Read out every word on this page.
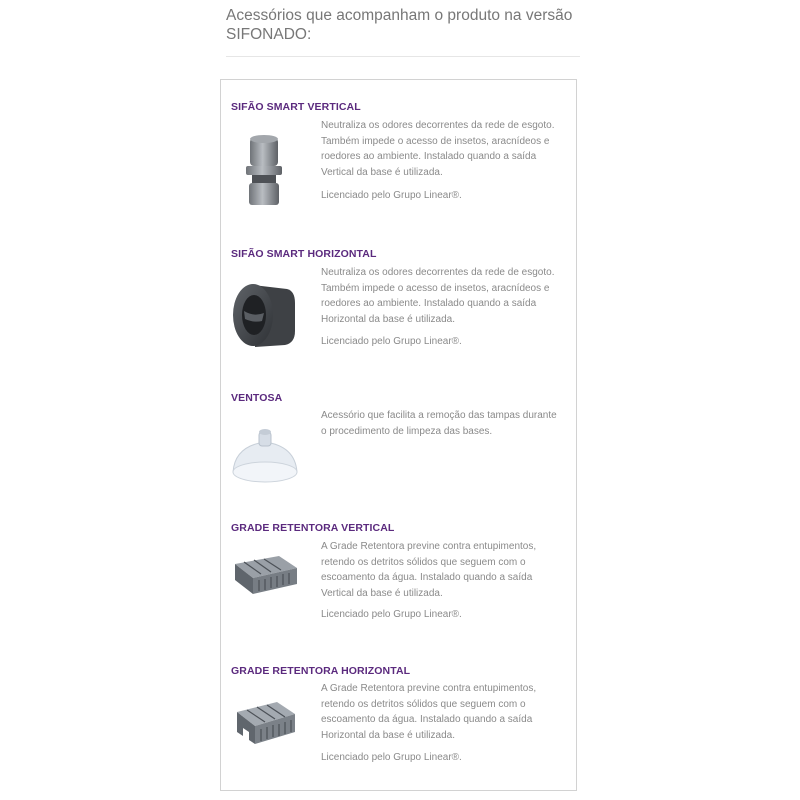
Acessórios que acompanham o produto na versão SIFONADO:
SIFÃO SMART VERTICAL
Neutraliza os odores decorrentes da rede de esgoto. Também impede o acesso de insetos, aracnídeos e roedores ao ambiente. Instalado quando a saída Vertical da base é utilizada.
Licenciado pelo Grupo Linear®.
SIFÃO SMART HORIZONTAL
Neutraliza os odores decorrentes da rede de esgoto. Também impede o acesso de insetos, aracnídeos e roedores ao ambiente. Instalado quando a saída Horizontal da base é utilizada.
Licenciado pelo Grupo Linear®.
VENTOSA
Acessório que facilita a remoção das tampas durante o procedimento de limpeza das bases.
GRADE RETENTORA VERTICAL
A Grade Retentora previne contra entupimentos, retendo os detritos sólidos que seguem com o escoamento da água. Instalado quando a saída Vertical da base é utilizada.
Licenciado pelo Grupo Linear®.
GRADE RETENTORA HORIZONTAL
A Grade Retentora previne contra entupimentos, retendo os detritos sólidos que seguem com o escoamento da água. Instalado quando a saída Horizontal da base é utilizada.
Licenciado pelo Grupo Linear®.
